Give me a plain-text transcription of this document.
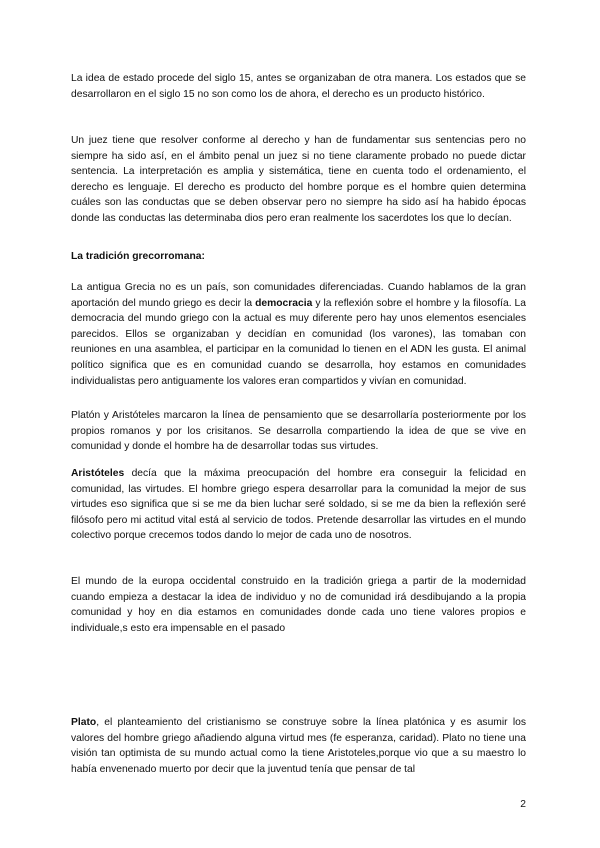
La idea de estado procede del siglo 15, antes se organizaban de otra manera. Los estados que se desarrollaron en el siglo 15 no son como los de ahora, el derecho es un producto histórico.

Un juez tiene que resolver conforme al derecho y han de fundamentar sus sentencias pero no siempre ha sido así, en el ámbito penal un juez si no tiene claramente probado no puede dictar sentencia. La interpretación es amplia y sistemática, tiene en cuenta todo el ordenamiento, el derecho es lenguaje. El derecho es producto del hombre porque es el hombre quien determina cuáles son las conductas que se deben observar pero no siempre ha sido así ha habido épocas donde las conductas las determinaba dios pero eran realmente los sacerdotes los que lo decían.

La tradición grecorromana:

La antigua Grecia no es un país, son comunidades diferenciadas. Cuando hablamos de la gran aportación del mundo griego es decir la democracia y la reflexión sobre el hombre y la filosofía. La democracia del mundo griego con la actual es muy diferente pero hay unos elementos esenciales parecidos. Ellos se organizaban y decidían en comunidad (los varones), las tomaban con reuniones en una asamblea, el participar en la comunidad lo tienen en el ADN les gusta. El animal político significa que es en comunidad cuando se desarrolla, hoy estamos en comunidades individualistas pero antiguamente los valores eran compartidos y vivían en comunidad.

Platón y Aristóteles marcaron la línea de pensamiento que se desarrollaría posteriormente por los propios romanos y por los crisitanos. Se desarrolla compartiendo la idea de que se vive en comunidad y donde el hombre ha de desarrollar todas sus virtudes.

Aristóteles decía que la máxima preocupación del hombre era conseguir la felicidad en comunidad, las virtudes. El hombre griego espera desarrollar para la comunidad la mejor de sus virtudes eso significa que si se me da bien luchar seré soldado, si se me da bien la reflexión seré filósofo pero mi actitud vital está al servicio de todos. Pretende desarrollar las virtudes en el mundo colectivo porque crecemos todos dando lo mejor de cada uno de nosotros.

El mundo de la europa occidental construido en la tradición griega a partir de la modernidad cuando empieza a destacar la idea de individuo y no de comunidad irá desdibujando a la propia comunidad y hoy en dia estamos en comunidades donde cada uno tiene valores propios e individuale,s esto era impensable en el pasado

Plato, el planteamiento del cristianismo se construye sobre la línea platónica y es asumir los valores del hombre griego añadiendo alguna virtud mes (fe esperanza, caridad). Plato no tiene una visión tan optimista de su mundo actual como la tiene Aristoteles,porque vio que a su maestro lo había envenenado muerto por decir que la juventud tenía que pensar de tal

2
